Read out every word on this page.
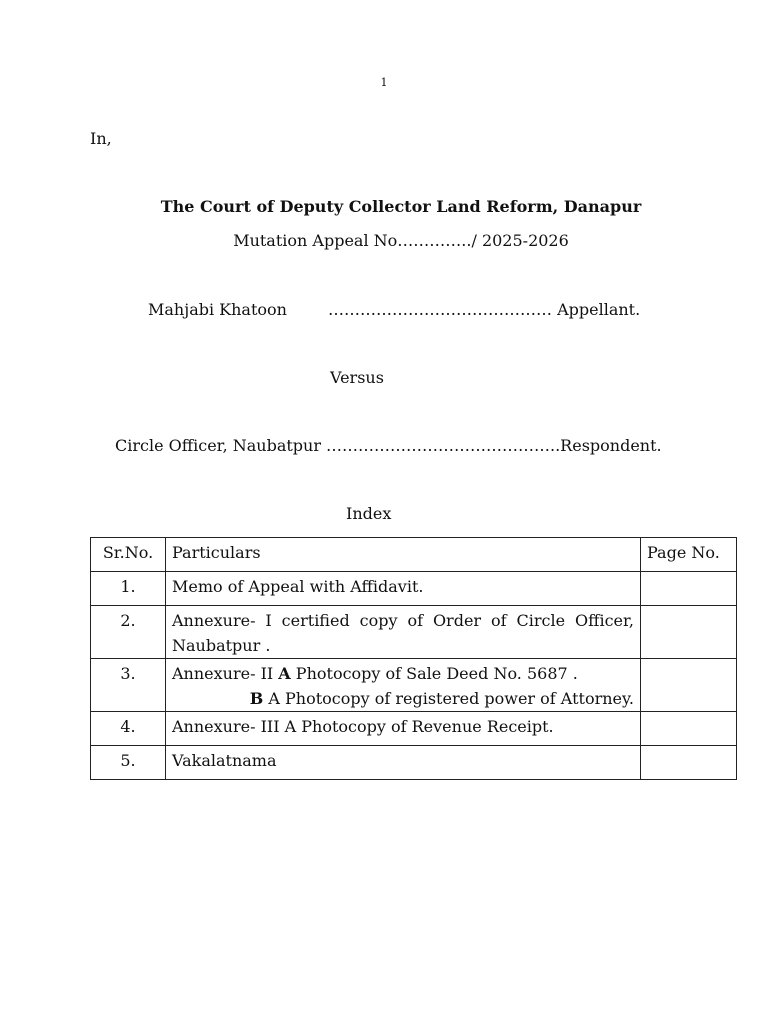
1
In,
The Court of Deputy Collector Land Reform, Danapur
Mutation Appeal No…………../ 2025-2026
Mahjabi Khatoon	…………………………………… Appellant.
Versus
Circle Officer, Naubatpur ……………………………………..Respondent.
Index
Sr.No.	Particulars	Page No.
1.	Memo of Appeal with Affidavit.	
2.	Annexure- I certified copy of Order of Circle Officer,
Naubatpur .	
3.	Annexure- II A Photocopy of Sale Deed No. 5687 .
B A Photocopy of registered power of Attorney.	

4.	Annexure- III A Photocopy of Revenue Receipt.	
5.	Vakalatnama	
